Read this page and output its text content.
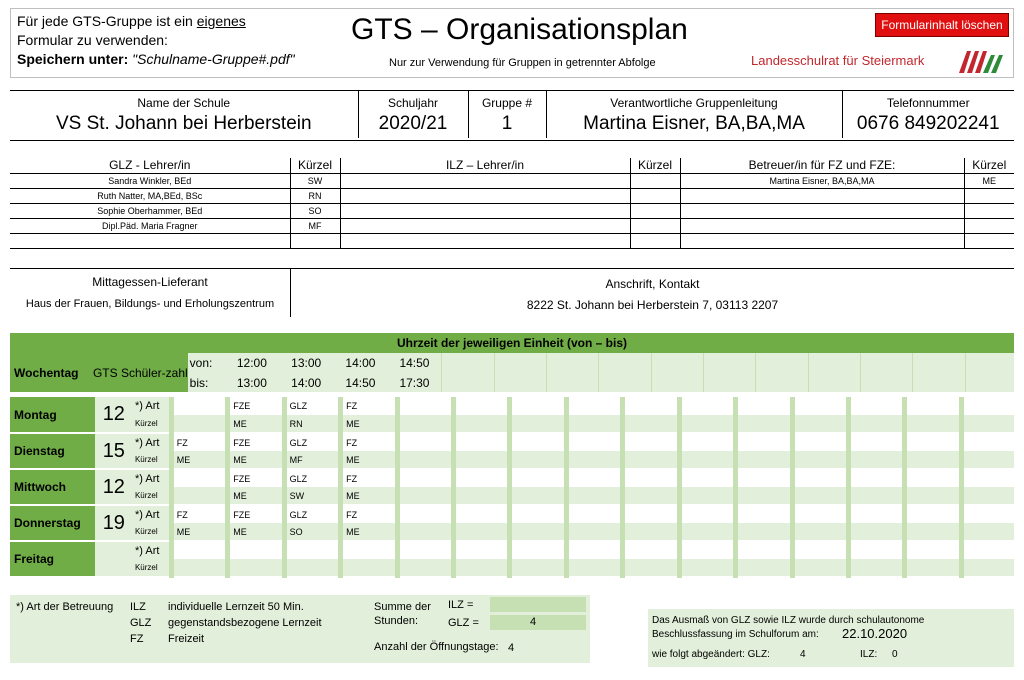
Für jede GTS-Gruppe ist ein eigenes
Formular zu verwenden:
Speichern unter: "Schulname-Gruppe#.pdf"
GTS – Organisationsplan
Nur zur Verwendung für Gruppen in getrennter Abfolge
Formularinhalt löschen
Landesschulrat für Steiermark
Name der Schule	Schuljahr	Gruppe #	Verantwortliche Gruppenleitung	Telefonnummer
VS St. Johann bei Herberstein	2020/21	1	Martina Eisner, BA,BA,MA	0676 849202241
GLZ - Lehrer/in	Kürzel	ILZ – Lehrer/in	Kürzel	Betreuer/in für FZ und FZE:	Kürzel
Sandra Winkler, BEd	SW			Martina Eisner, BA,BA,MA	ME
Ruth Natter, MA,BEd, BSc	RN				
Sophie Oberhammer, BEd	SO				
Dipl.Päd. Maria Fragner	MF				

Mittagessen-Lieferant
Haus der Frauen, Bildungs- und Erholungszentrum
Anschrift, Kontakt
8222 St. Johann bei Herberstein 7, 03113 2207
Uhrzeit der jeweiligen Einheit (von – bis)																	
Wochentag	GTS Schüler-zahl	von:	12:00	13:00	14:00	14:50											
		bis:	13:00	14:00	14:50	17:30											
Montag	12	*) Art		FZE	GLZ	FZ											
		Kürzel		ME	RN	ME											
Dienstag	15	*) Art	FZ	FZE	GLZ	FZ											
		Kürzel	ME	ME	MF	ME											
Mittwoch	12	*) Art		FZE	GLZ	FZ											
		Kürzel		ME	SW	ME											
Donnerstag	19	*) Art	FZ	FZE	GLZ	FZ											
		Kürzel	ME	ME	SO	ME											
Freitag		*) Art															
		Kürzel															
*) Art der Betreuung ILZ individuelle Lernzeit 50 Min.
GLZ gegenstandsbezogene Lernzeit
FZ Freizeit
Summe der
Stunden:
ILZ =
GLZ =	4
Anzahl der Öffnungstage: 4
Das Ausmaß von GLZ sowie ILZ wurde durch schulautonome
Beschlussfassung im Schulforum am: 22.10.2020
wie folgt abgeändert: GLZ:	4	ILZ: 0
